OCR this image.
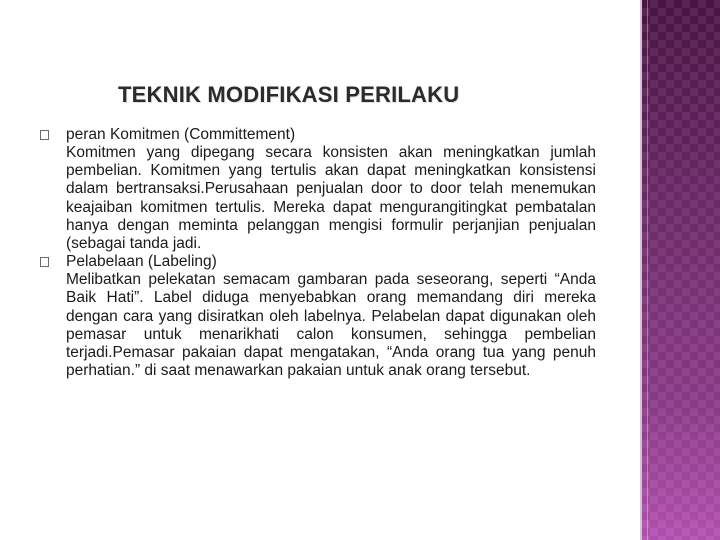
TEKNIK MODIFIKASI PERILAKU
peran Komitmen (Committement)

Komitmen yang dipegang secara konsisten akan meningkatkan jumlah pembelian. Komitmen yang tertulis akan dapat meningkatkan konsistensi dalam bertransaksi.Perusahaan penjualan door to door telah menemukan keajaiban komitmen tertulis. Mereka dapat mengurangitingkat pembatalan hanya dengan meminta pelanggan mengisi formulir perjanjian penjualan (sebagai tanda jadi.

Pelabelaan (Labeling)

Melibatkan pelekatan semacam gambaran pada seseorang, seperti “Anda Baik Hati”. Label diduga menyebabkan orang memandang diri mereka dengan cara yang disiratkan oleh labelnya. Pelabelan dapat digunakan oleh pemasar untuk menarikhati calon konsumen, sehingga pembelian terjadi.Pemasar pakaian dapat mengatakan, “Anda orang tua yang penuh perhatian.” di saat menawarkan pakaian untuk anak orang tersebut.
